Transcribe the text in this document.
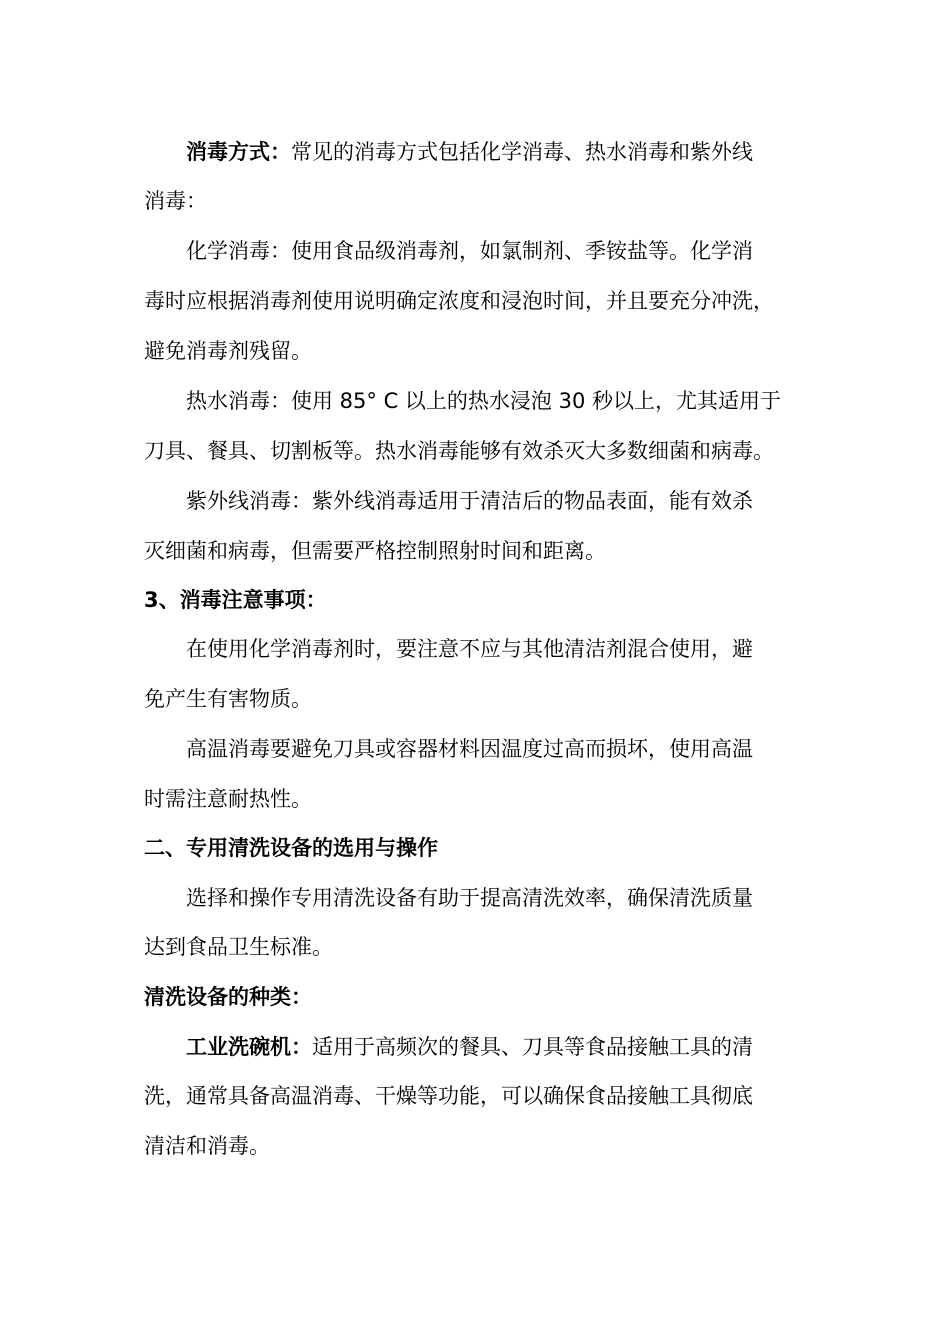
消毒方式：常见的消毒方式包括化学消毒、热水消毒和紫外线
消毒：
化学消毒：使用食品级消毒剂，如氯制剂、季铵盐等。化学消
毒时应根据消毒剂使用说明确定浓度和浸泡时间，并且要充分冲洗，
避免消毒剂残留。
热水消毒：使用 85° C 以上的热水浸泡 30 秒以上，尤其适用于
刀具、餐具、切割板等。热水消毒能够有效杀灭大多数细菌和病毒。
紫外线消毒：紫外线消毒适用于清洁后的物品表面，能有效杀
灭细菌和病毒，但需要严格控制照射时间和距离。
3、消毒注意事项：
在使用化学消毒剂时，要注意不应与其他清洁剂混合使用，避
免产生有害物质。
高温消毒要避免刀具或容器材料因温度过高而损坏，使用高温
时需注意耐热性。
二、专用清洗设备的选用与操作
选择和操作专用清洗设备有助于提高清洗效率，确保清洗质量
达到食品卫生标准。
清洗设备的种类：
工业洗碗机：适用于高频次的餐具、刀具等食品接触工具的清
洗，通常具备高温消毒、干燥等功能，可以确保食品接触工具彻底
清洁和消毒。
